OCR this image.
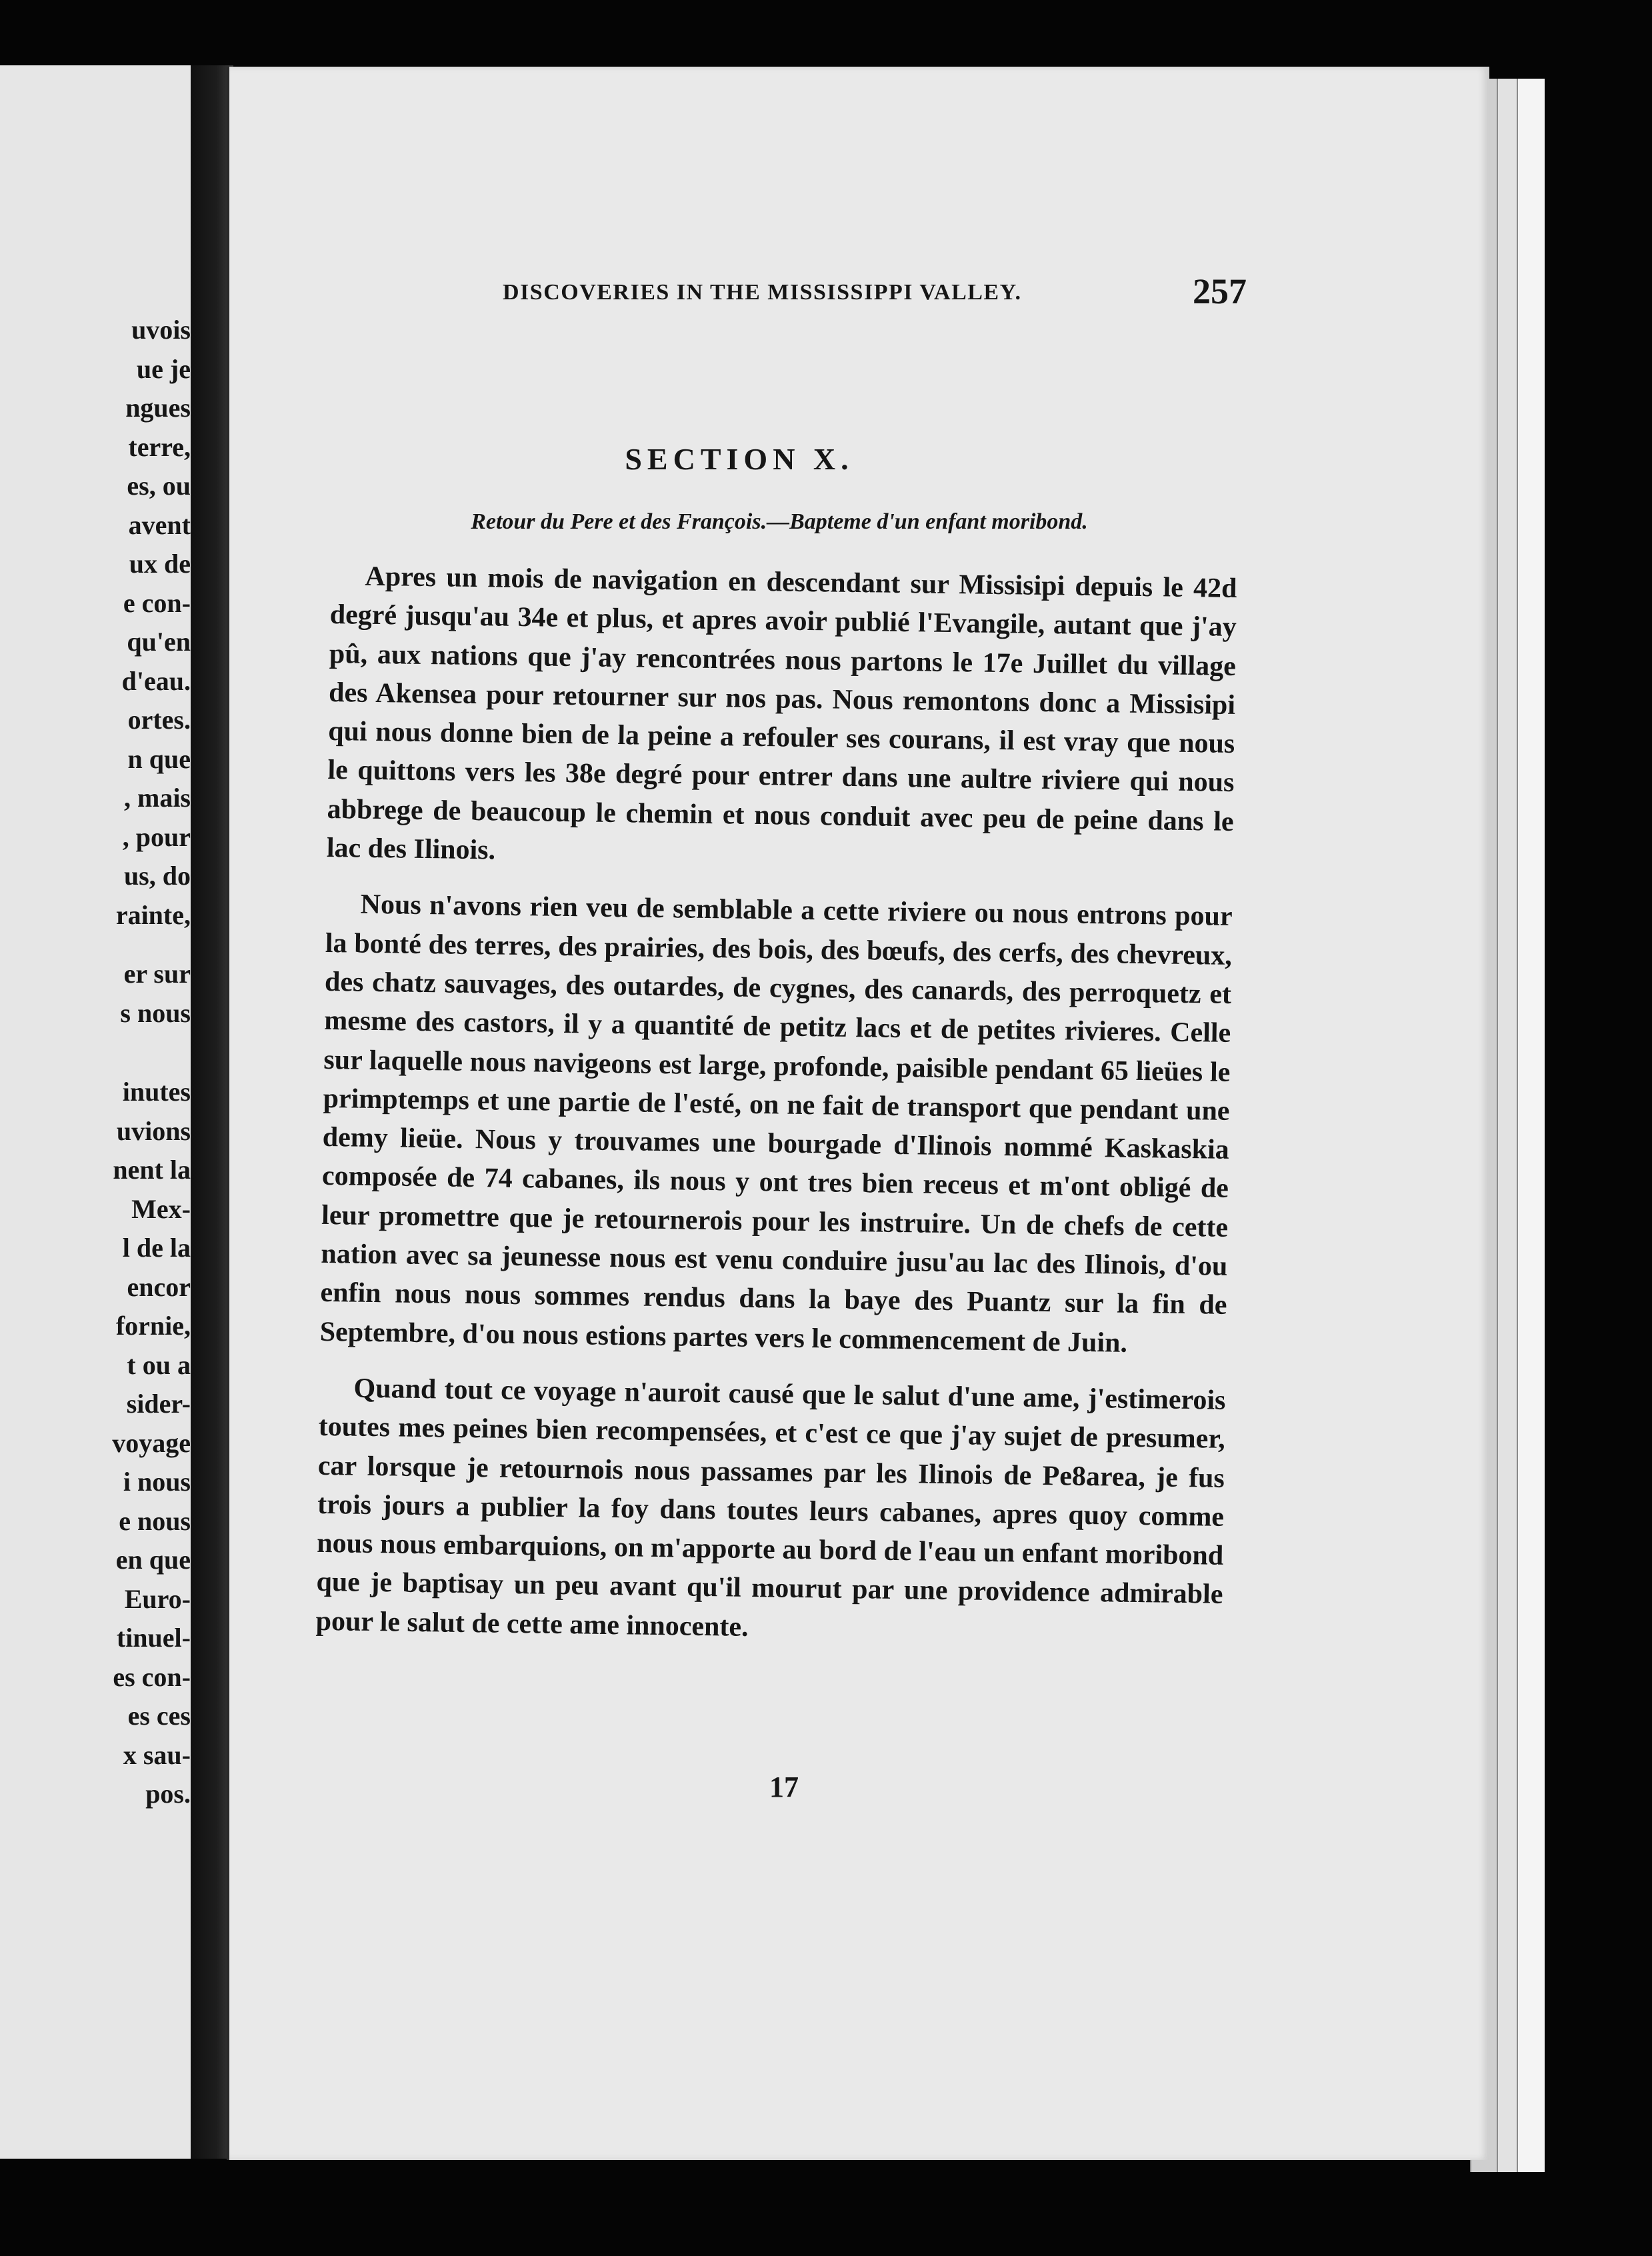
uvois
ue je
ngues
terre,
es, ou
avent
ux de
e con-
qu'en
d'eau.
ortes.
n que
, mais
, pour
us, do
rainte,
er sur
s nous
inutes
uvions
nent la
Mex-
l de la
encor
fornie,
t ou a
sider-
voyage
i nous
e nous
en que
Euro-
tinuel-
es con-
es ces
x sau-
pos.
DISCOVERIES IN THE MISSISSIPPI VALLEY.	257
SECTION X.
Retour du Pere et des François.—Bapteme d'un enfant moribond.

Apres un mois de navigation en descendant sur Missisipi depuis le 42d degré jusqu'au 34e et plus, et apres avoir publié l'Evangile, autant que j'ay pû, aux nations que j'ay rencontrées nous partons le 17e Juillet du village des Akensea pour retourner sur nos pas. Nous remontons donc a Missisipi qui nous donne bien de la peine a refouler ses courans, il est vray que nous le quittons vers les 38e degré pour entrer dans une aultre riviere qui nous abbrege de beaucoup le chemin et nous conduit avec peu de peine dans le lac des Ilinois.

Nous n'avons rien veu de semblable a cette riviere ou nous entrons pour la bonté des terres, des prairies, des bois, des bœufs, des cerfs, des chevreux, des chatz sauvages, des outardes, de cygnes, des canards, des perroquetz et mesme des castors, il y a quantité de petitz lacs et de petites rivieres. Celle sur laquelle nous navigeons est large, profonde, paisible pendant 65 lieües le primptemps et une partie de l'esté, on ne fait de transport que pendant une demy lieüe. Nous y trouvames une bourgade d'Ilinois nommé Kaskaskia composée de 74 cabanes, ils nous y ont tres bien receus et m'ont obligé de leur promettre que je retournerois pour les instruire. Un de chefs de cette nation avec sa jeunesse nous est venu conduire jusu'au lac des Ilinois, d'ou enfin nous nous sommes rendus dans la baye des Puantz sur la fin de Septembre, d'ou nous estions partes vers le commencement de Juin.

Quand tout ce voyage n'auroit causé que le salut d'une ame, j'estimerois toutes mes peines bien recompensées, et c'est ce que j'ay sujet de presumer, car lorsque je retournois nous passames par les Ilinois de Pe8area, je fus trois jours a publier la foy dans toutes leurs cabanes, apres quoy comme nous nous embarquions, on m'apporte au bord de l'eau un enfant moribond que je baptisay un peu avant qu'il mourut par une providence admirable pour le salut de cette ame innocente.

17
